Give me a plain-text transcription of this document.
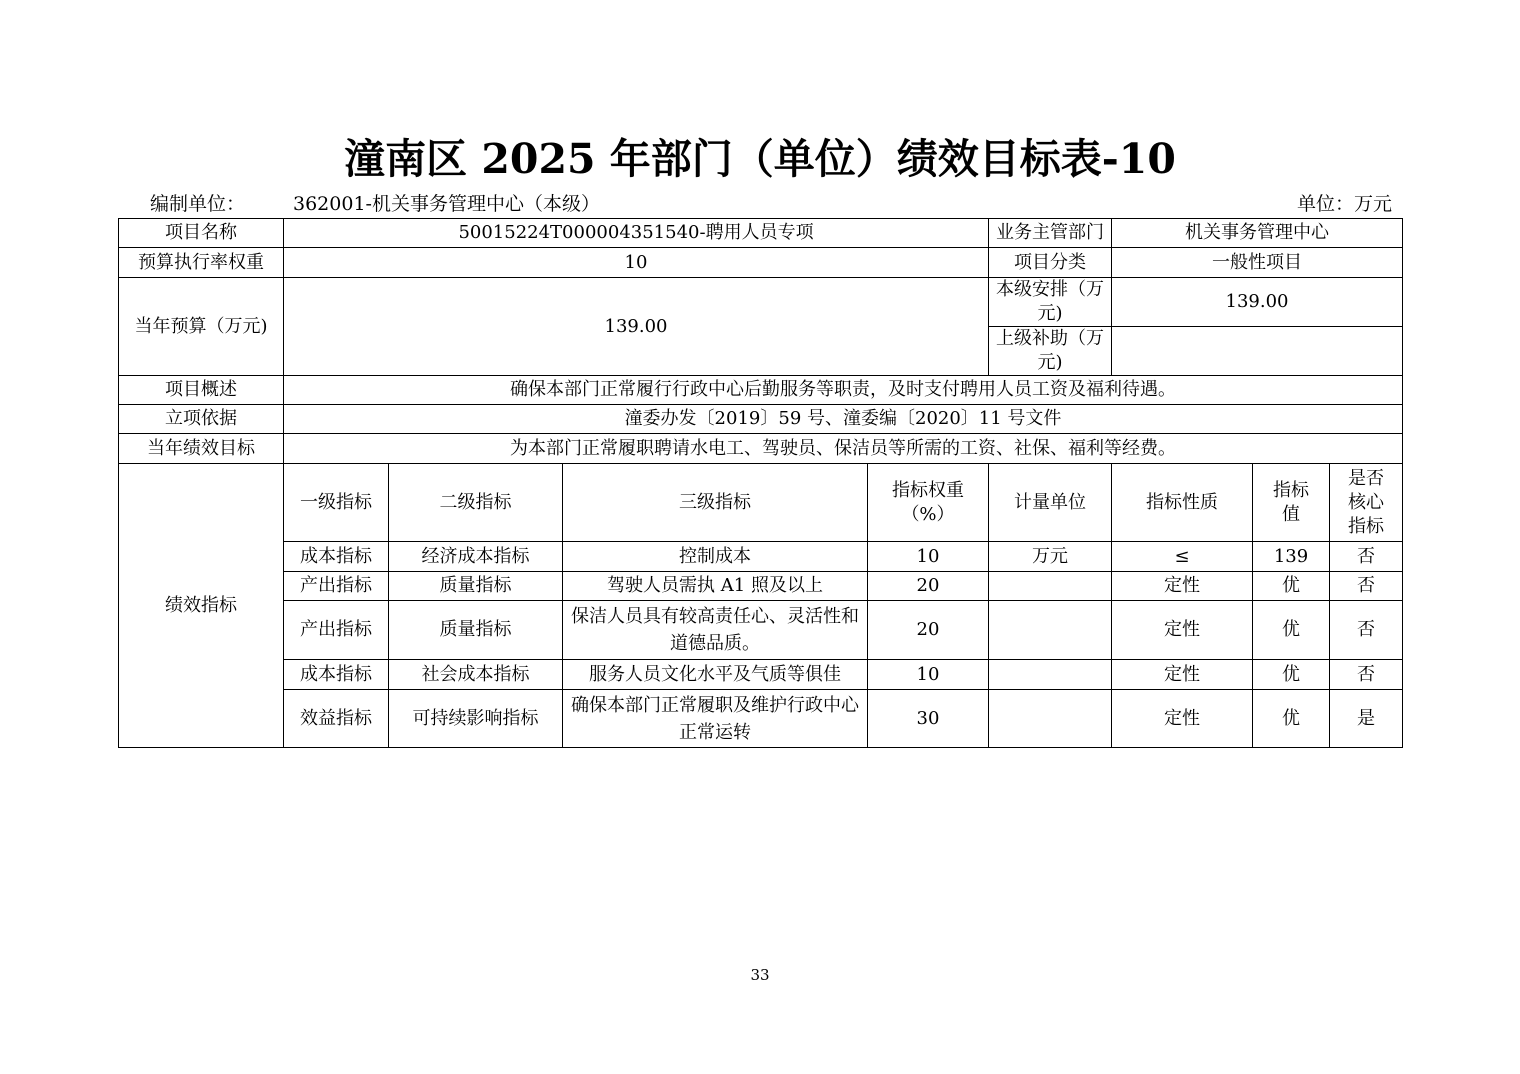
潼南区 2025 年部门（单位）绩效目标表-10
编制单位：	362001-机关事务管理中心（本级）	单位：万元
项目名称	50015224T000004351540-聘用人员专项				业务主管部门	机关事务管理中心		
预算执行率权重	10				项目分类	一般性项目		
当年预算（万元)	139.00				本级安排（万元)	139.00		
					上级补助（万元)			
项目概述	确保本部门正常履行行政中心后勤服务等职责，及时支付聘用人员工资及福利待遇。							
立项依据	潼委办发〔2019〕59 号、潼委编〔2020〕11 号文件							
当年绩效目标	为本部门正常履职聘请水电工、驾驶员、保洁员等所需的工资、社保、福利等经费。							
绩效指标	一级指标	二级指标	三级指标	指标权重（%）	计量单位	指标性质	指标值	是否核心指标
	成本指标	经济成本指标	控制成本	10	万元	≤	139	否
	产出指标	质量指标	驾驶人员需执 A1 照及以上	20		定性	优	否
	产出指标	质量指标	保洁人员具有较高责任心、灵活性和道德品质。	20		定性	优	否
	成本指标	社会成本指标	服务人员文化水平及气质等俱佳	10		定性	优	否
	效益指标	可持续影响指标	确保本部门正常履职及维护行政中心正常运转	30		定性	优	是
33
